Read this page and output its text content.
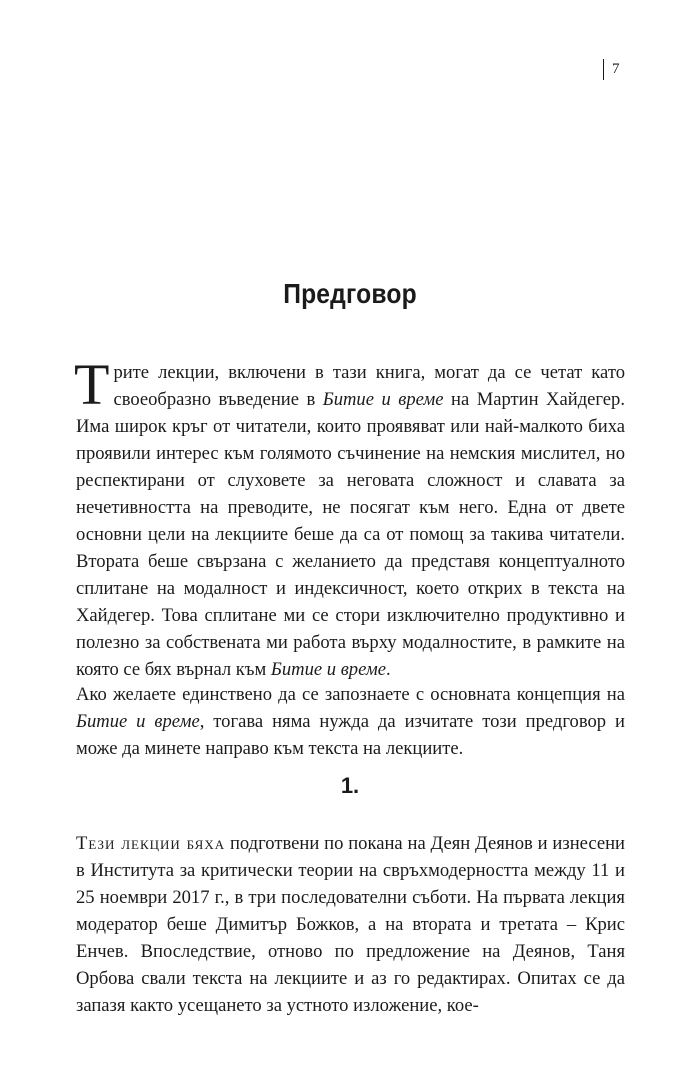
7
Предговор

Трите лекции, включени в тази книга, могат да се четат като своеобразно въведение в Битие и време на Мартин Хайдегер. Има широк кръг от читатели, които проявяват или най-малкото биха проявили интерес към голямото съчинение на немския мислител, но респектирани от слуховете за неговата сложност и славата за нечетивността на преводите, не посягат към него. Една от двете основни цели на лекциите беше да са от помощ за такива читатели. Втората беше свързана с желанието да представя концептуалното сплитане на модалност и индексичност, което открих в текста на Хайдегер. Това сплитане ми се стори изключително продуктивно и полезно за собствената ми работа върху модалностите, в рамките на която се бях върнал към Битие и време.

Ако желаете единствено да се запознаете с основната концепция на Битие и време, тогава няма нужда да изчитате този предговор и може да минете направо към текста на лекциите.

1.

Тези лекции бяха подготвени по покана на Деян Деянов и изнесени в Института за критически теории на свръхмодерността между 11 и 25 ноември 2017 г., в три последователни съботи. На първата лекция модератор беше Димитър Божков, а на втората и третата – Крис Енчев. Впоследствие, отново по предложение на Деянов, Таня Орбова свали текста на лекциите и аз го редактирах. Опитах се да запазя както усещането за устното изложение, кое-
